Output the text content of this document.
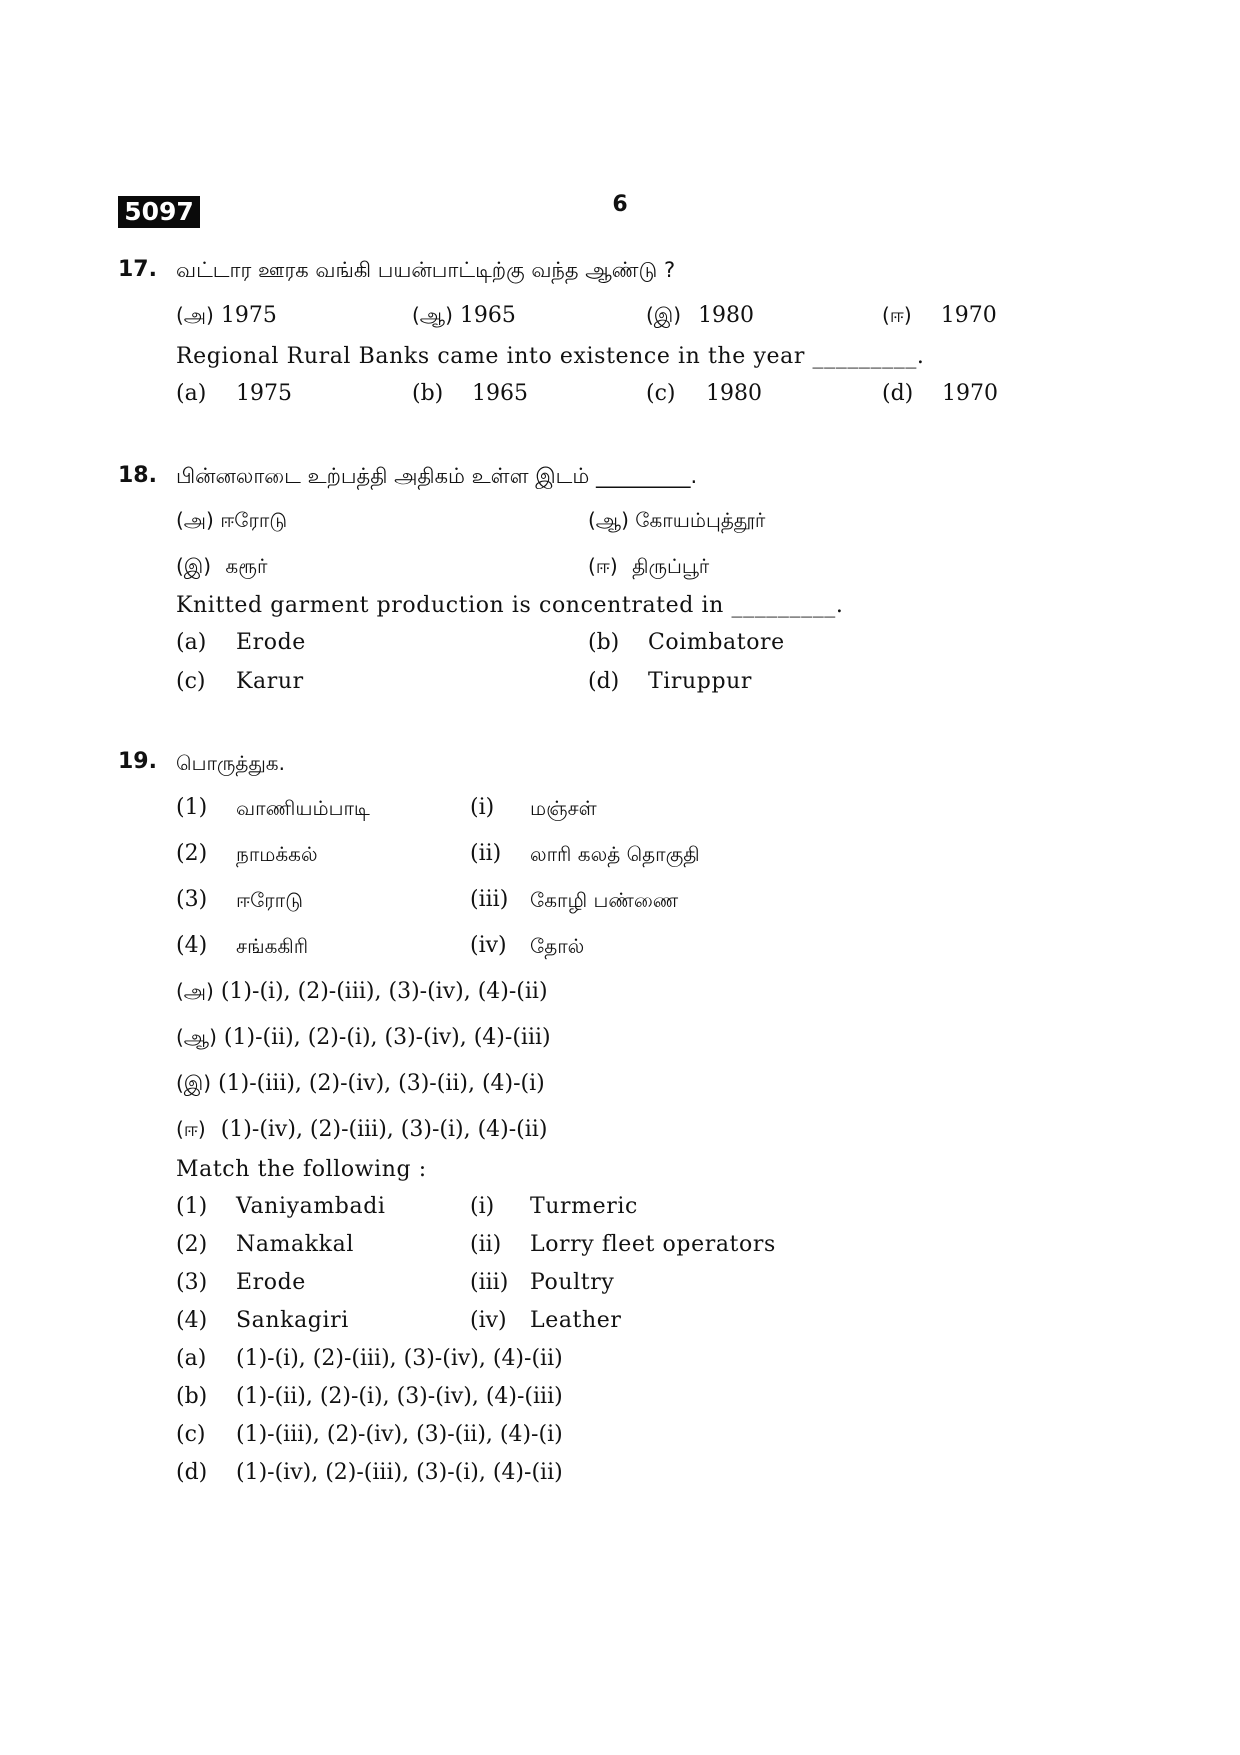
5097	6
17. வட்டார ஊரக வங்கி பயன்பாட்டிற்கு வந்த ஆண்டு ?
(அ) 1975	(ஆ) 1965	(இ) 1980	(ஈ) 1970
Regional Rural Banks came into existence in the year _________.
(a) 1975	(b) 1965	(c) 1980	(d) 1970
18. பின்னலாடை உற்பத்தி அதிகம் உள்ள இடம் _________.
(அ) ஈரோடு	(ஆ) கோயம்புத்தூர்
(இ) கரூர்	(ஈ) திருப்பூர்
Knitted garment production is concentrated in _________.
(a) Erode	(b) Coimbatore
(c) Karur	(d) Tiruppur
19. பொருத்துக.
(1) வாணியம்பாடி	(i) மஞ்சள்
(2) நாமக்கல்	(ii) லாரி கலத் தொகுதி
(3) ஈரோடு	(iii) கோழி பண்ணை
(4) சங்ககிரி	(iv) தோல்
(அ) (1)-(i), (2)-(iii), (3)-(iv), (4)-(ii)
(ஆ) (1)-(ii), (2)-(i), (3)-(iv), (4)-(iii)
(இ) (1)-(iii), (2)-(iv), (3)-(ii), (4)-(i)
(ஈ) (1)-(iv), (2)-(iii), (3)-(i), (4)-(ii)
Match the following :
(1) Vaniyambadi	(i) Turmeric
(2) Namakkal	(ii) Lorry fleet operators
(3) Erode	(iii) Poultry
(4) Sankagiri	(iv) Leather
(a) (1)-(i), (2)-(iii), (3)-(iv), (4)-(ii)
(b) (1)-(ii), (2)-(i), (3)-(iv), (4)-(iii)
(c) (1)-(iii), (2)-(iv), (3)-(ii), (4)-(i)
(d) (1)-(iv), (2)-(iii), (3)-(i), (4)-(ii)
